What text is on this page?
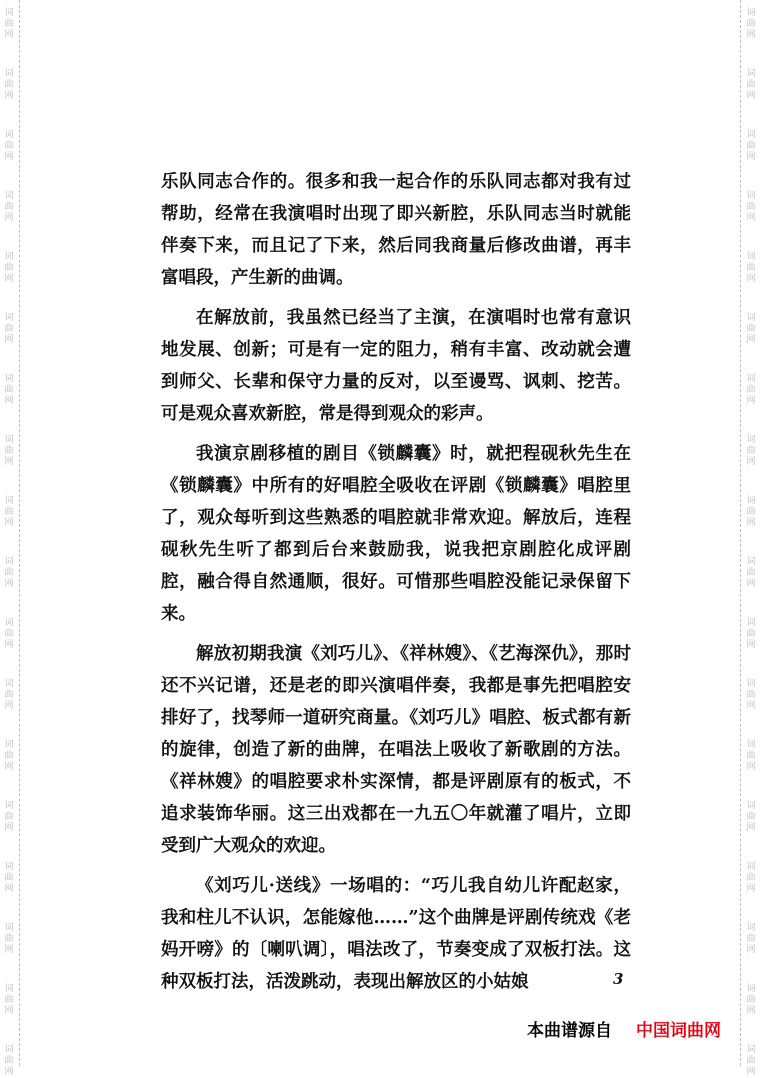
词
曲
网
词
曲
网
词
曲
网
词
曲
网
词
曲
网
词
曲
网
词
曲
网
词
曲
网
词
曲
网
词
曲
网
词
曲
网
词
曲
网
词
曲
网
词
曲
网
词
曲
网
词
曲
网
词
曲
网
词
曲
网
词
曲
网
词
曲
网
词
曲
网
词
曲
网
词
曲
网
词
曲
网
词
曲
网
词
曲
网
词
曲
网
词
曲
网
词
曲
网
词
曲
网
词
曲
网
词
曲
网
词
曲
网
词
曲
网
词
曲
网
词
曲
网

乐队同志合作的。很多和我一起合作的乐队同志都对我有过帮助，经常在我演唱时出现了即兴新腔，乐队同志当时就能伴奏下来，而且记了下来，然后同我商量后修改曲谱，再丰富唱段，产生新的曲调。

在解放前，我虽然已经当了主演，在演唱时也常有意识地发展、创新；可是有一定的阻力，稍有丰富、改动就会遭到师父、长辈和保守力量的反对，以至谩骂、讽刺、挖苦。可是观众喜欢新腔，常是得到观众的彩声。

我演京剧移植的剧目《锁麟囊》时，就把程砚秋先生在《锁麟囊》中所有的好唱腔全吸收在评剧《锁麟囊》唱腔里了，观众每听到这些熟悉的唱腔就非常欢迎。解放后，连程砚秋先生听了都到后台来鼓励我，说我把京剧腔化成评剧腔，融合得自然通顺，很好。可惜那些唱腔没能记录保留下来。

解放初期我演《刘巧儿》、《祥林嫂》、《艺海深仇》，那时还不兴记谱，还是老的即兴演唱伴奏，我都是事先把唱腔安排好了，找琴师一道研究商量。《刘巧儿》唱腔、板式都有新的旋律，创造了新的曲牌，在唱法上吸收了新歌剧的方法。《祥林嫂》的唱腔要求朴实深情，都是评剧原有的板式，不追求装饰华丽。这三出戏都在一九五〇年就灌了唱片，立即受到广大观众的欢迎。

《刘巧儿·送线》一场唱的：“巧儿我自幼儿许配赵家，我和柱儿不认识，怎能嫁他……”这个曲牌是评剧传统戏《老妈开嗙》的〔喇叭调〕，唱法改了，节奏变成了双板打法。这种双板打法，活泼跳动，表现出解放区的小姑娘	3
本曲谱源自 中国词曲网
